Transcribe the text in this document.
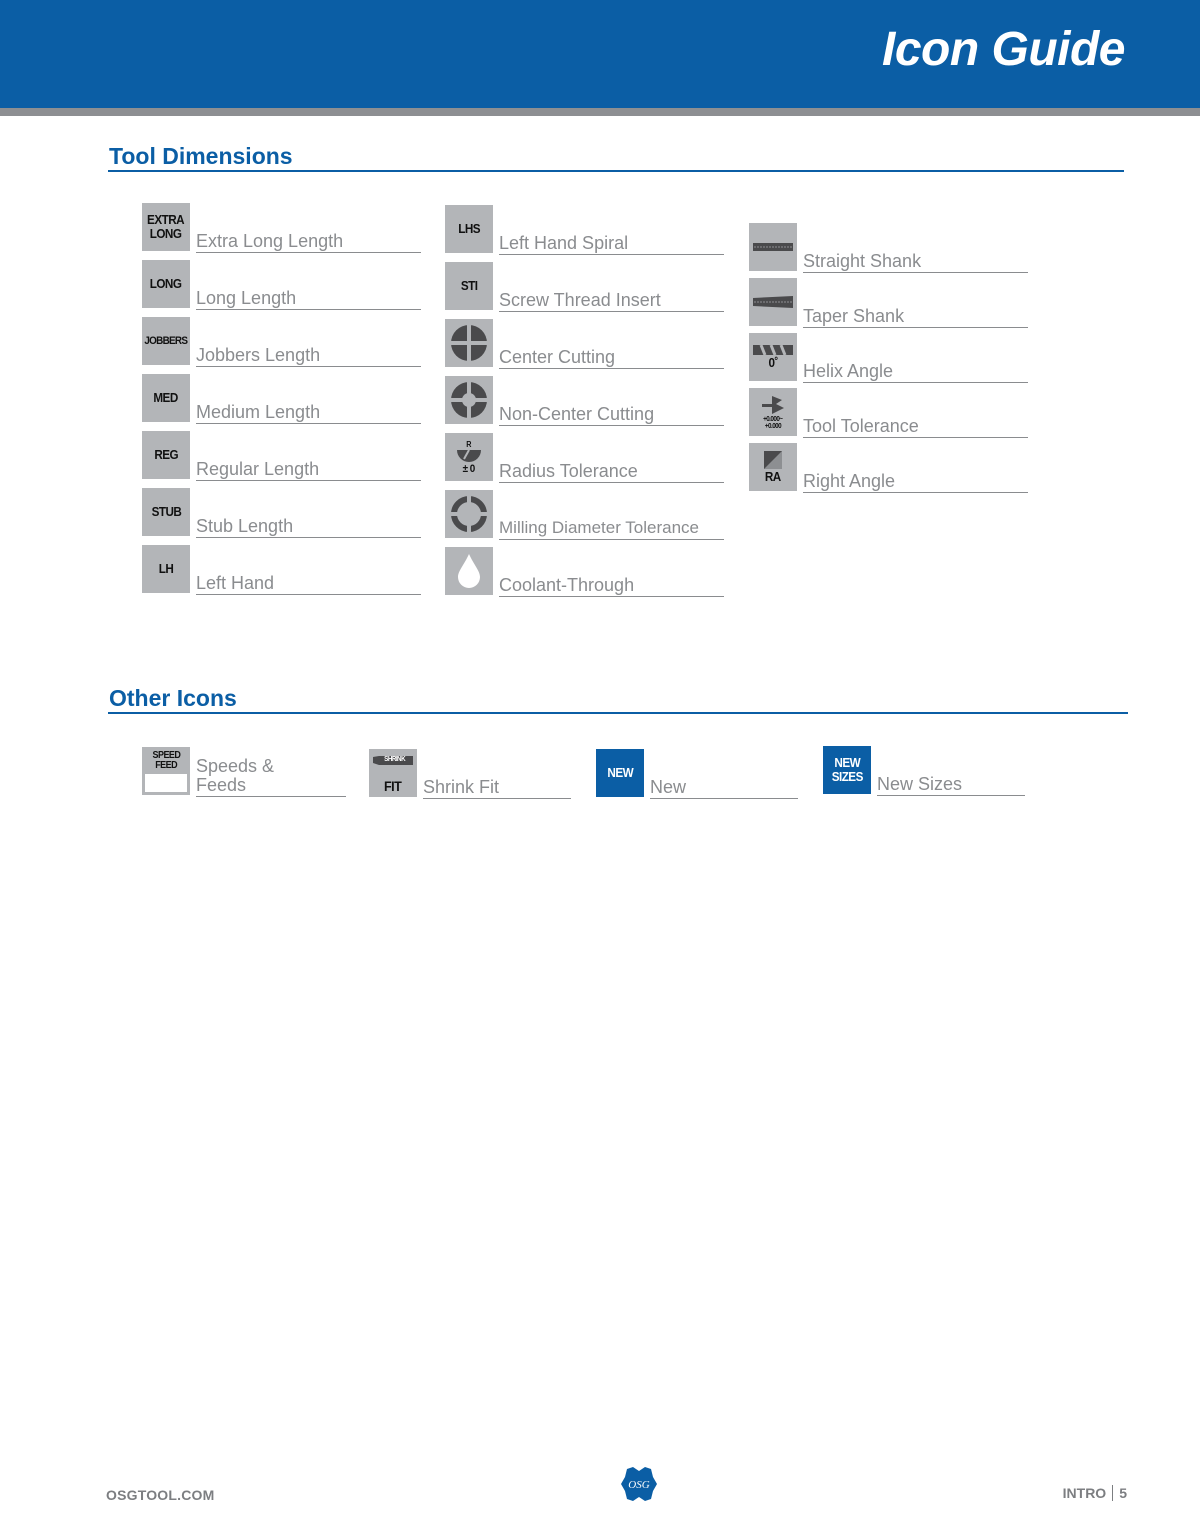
Icon Guide
Tool Dimensions
EXTRA
LONG Extra Long Length
LONG
Long Length
JOBBERS
Jobbers Length
MED
Medium Length
REG
Regular Length
STUB
Stub Length
LH
Left Hand
LHS
Left Hand Spiral
STI
Screw Thread Insert
Center Cutting
Non-Center Cutting
R
± 0 Radius Tolerance
Milling Diameter Tolerance
Coolant-Through
Straight Shank
Taper Shank
0˚ Helix Angle
+0.000~
+0.000 Tool Tolerance
RA Right Angle
Other Icons
SPEED
FEED Speeds &
Feeds
SHRINK
FIT Shrink Fit
NEW
New
NEW
SIZES New Sizes
OSGTOOL.COM
OSG	INTRO 5
